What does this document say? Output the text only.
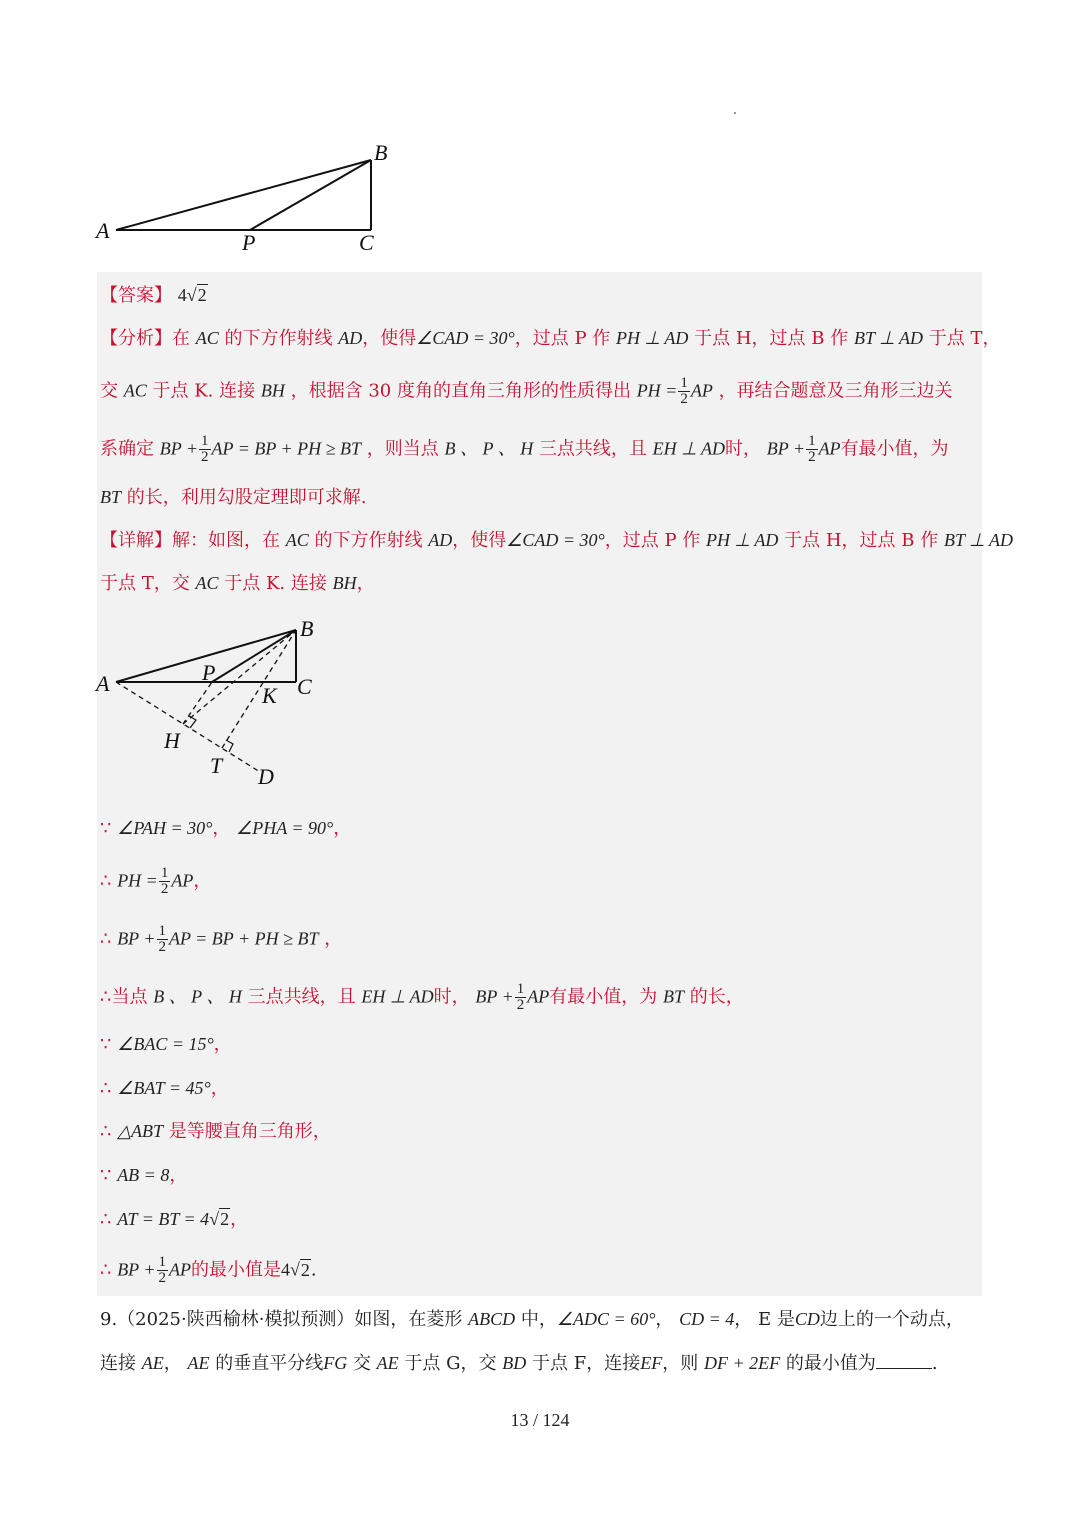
A
B
P	C
【答案】 4√2
【分析】在 AC 的下方作射线 AD，使得∠CAD = 30°，过点 P 作 PH ⊥ AD 于点 H，过点 B 作 BT ⊥ AD 于点 T，
交 AC 于点 K. 连接 BH ，根据含 30 度角的直角三角形的性质得出 PH = $\frac{1}{2}$ AP ，再结合题意及三角形三边关
系确定 BP + $\frac{1}{2}$ AP = BP + PH ≥ BT ，则当点 B 、 P 、 H 三点共线，且 EH ⊥ AD时， BP + $\frac{1}{2}$ AP有最小值，为
BT 的长，利用勾股定理即可求解.
【详解】解：如图，在 AC 的下方作射线 AD，使得∠CAD = 30°，过点 P 作 PH ⊥ AD 于点 H，过点 B 作 BT ⊥ AD
于点 T，交 AC 于点 K. 连接 BH，
A
B
P
C
K
H
T D
∵ ∠PAH = 30°， ∠PHA = 90°，
∴ PH = $\frac{1}{2}$ AP，
∴ BP + $\frac{1}{2}$ AP = BP + PH ≥ BT ，
∴当点 B 、 P 、 H 三点共线，且 EH ⊥ AD时， BP + $\frac{1}{2}$ AP有最小值，为 BT 的长，
∵ ∠BAC = 15°，
∴ ∠BAT = 45°，
∴ △ABT 是等腰直角三角形，
∵ AB = 8，
∴ AT = BT = 4√2，
∴ BP + $\frac{1}{2}$ AP的最小值是4√2.
9.（2025·陕西榆林·模拟预测）如图，在菱形 ABCD 中，∠ADC = 60°， CD = 4， E 是CD边上的一个动点，
连接 AE， AE 的垂直平分线FG 交 AE 于点 G，交 BD 于点 F，连接EF，则 DF + 2EF 的最小值为	.
13 / 124
